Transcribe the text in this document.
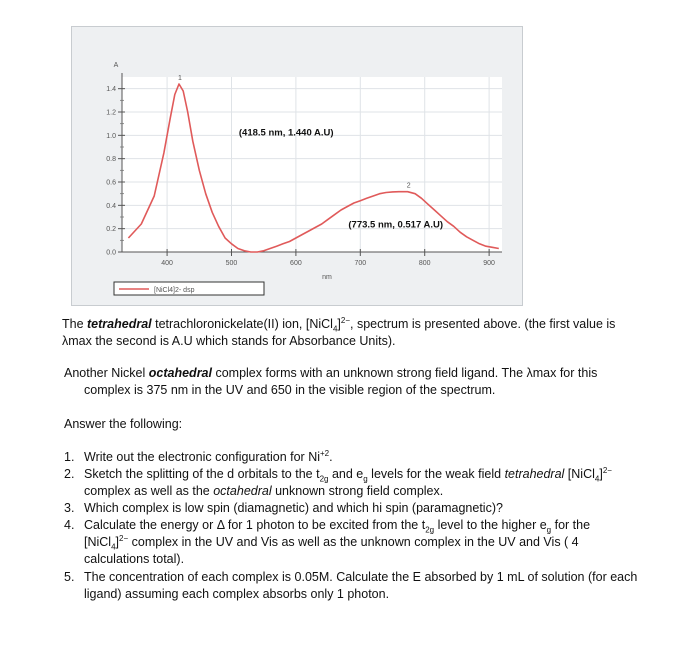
0.0
0.2
0.4
0.6
0.8
1.0
1.2
1.4
400	500	600	700	800	900
A
nm
1
2
(418.5 nm, 1.440 A.U)
(773.5 nm, 0.517 A.U)
[NiCl4]2- dsp
The tetrahedral tetrachloronickelate(II) ion, [NiCl$_4$]$^{2-}$, spectrum is presented above. (the first value is
λmax the second is A.U which stands for Absorbance Units).
Another Nickel octahedral complex forms with an unknown strong field ligand. The λmax for this
complex is 375 nm in the UV and 650 in the visible region of the spectrum.
Answer the following:
1. Write out the electronic configuration for $Ni^{+2}$.
2. Sketch the splitting of the d orbitals to the $t_{2g}$ and $e_g$ levels for the weak field tetrahedral [NiCl$_4$]$^{2-}$
complex as well as the octahedral unknown strong field complex.
3. Which complex is low spin (diamagnetic) and which hi spin (paramagnetic)?
4. Calculate the energy or Δ for 1 photon to be excited from the $t_{2g}$ level to the higher $e_g$ for the
[NiCl$_4$]$^{2-}$ complex in the UV and Vis as well as the unknown complex in the UV and Vis ( 4
calculations total).
5. The concentration of each complex is 0.05M. Calculate the E absorbed by 1 mL of solution (for each
ligand) assuming each complex absorbs only 1 photon.
